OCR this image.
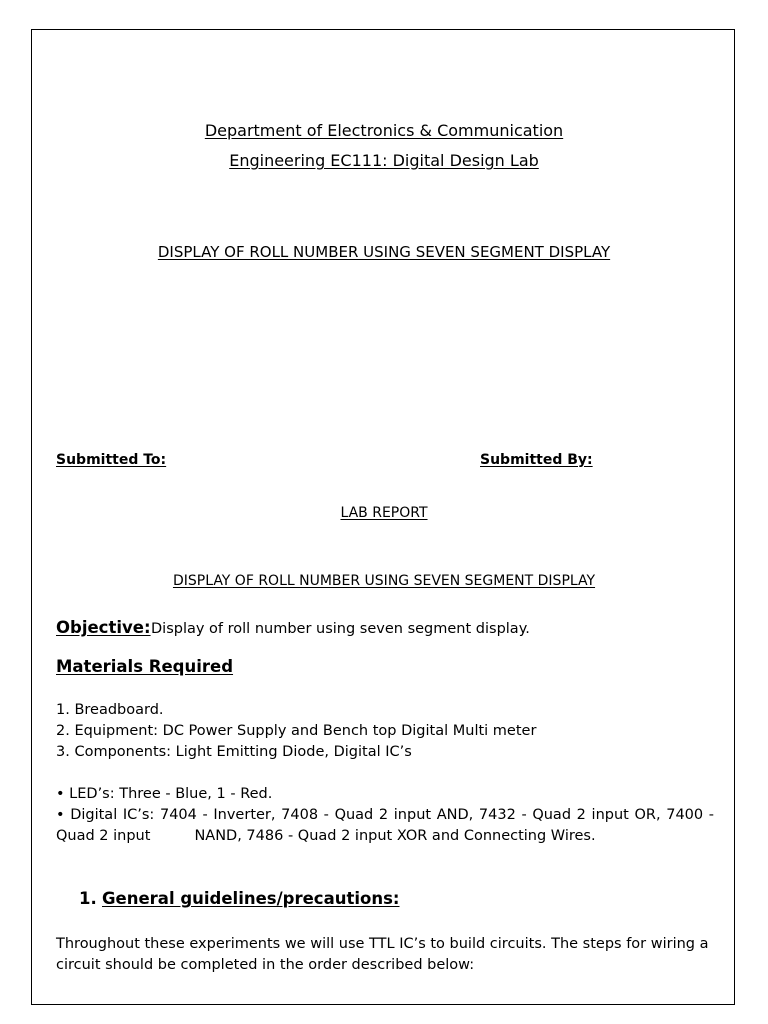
Department of Electronics & Communication
Engineering EC111: Digital Design Lab
DISPLAY OF ROLL NUMBER USING SEVEN SEGMENT DISPLAY
Submitted To:	Submitted By:
LAB REPORT
DISPLAY OF ROLL NUMBER USING SEVEN SEGMENT DISPLAY
Objective: Display of roll number using seven segment display.
Materials Required
1. Breadboard.
2. Equipment: DC Power Supply and Bench top Digital Multi meter
3. Components: Light Emitting Diode, Digital IC’s
• LED’s: Three - Blue, 1 - Red.
• Digital IC’s: 7404 - Inverter, 7408 - Quad 2 input AND, 7432 - Quad 2 input OR, 7400 - Quad 2 input	NAND, 7486 - Quad 2 input XOR and Connecting Wires.
1. General guidelines/precautions:
Throughout these experiments we will use TTL IC’s to build circuits. The steps for wiring a circuit should be completed in the order described below:
